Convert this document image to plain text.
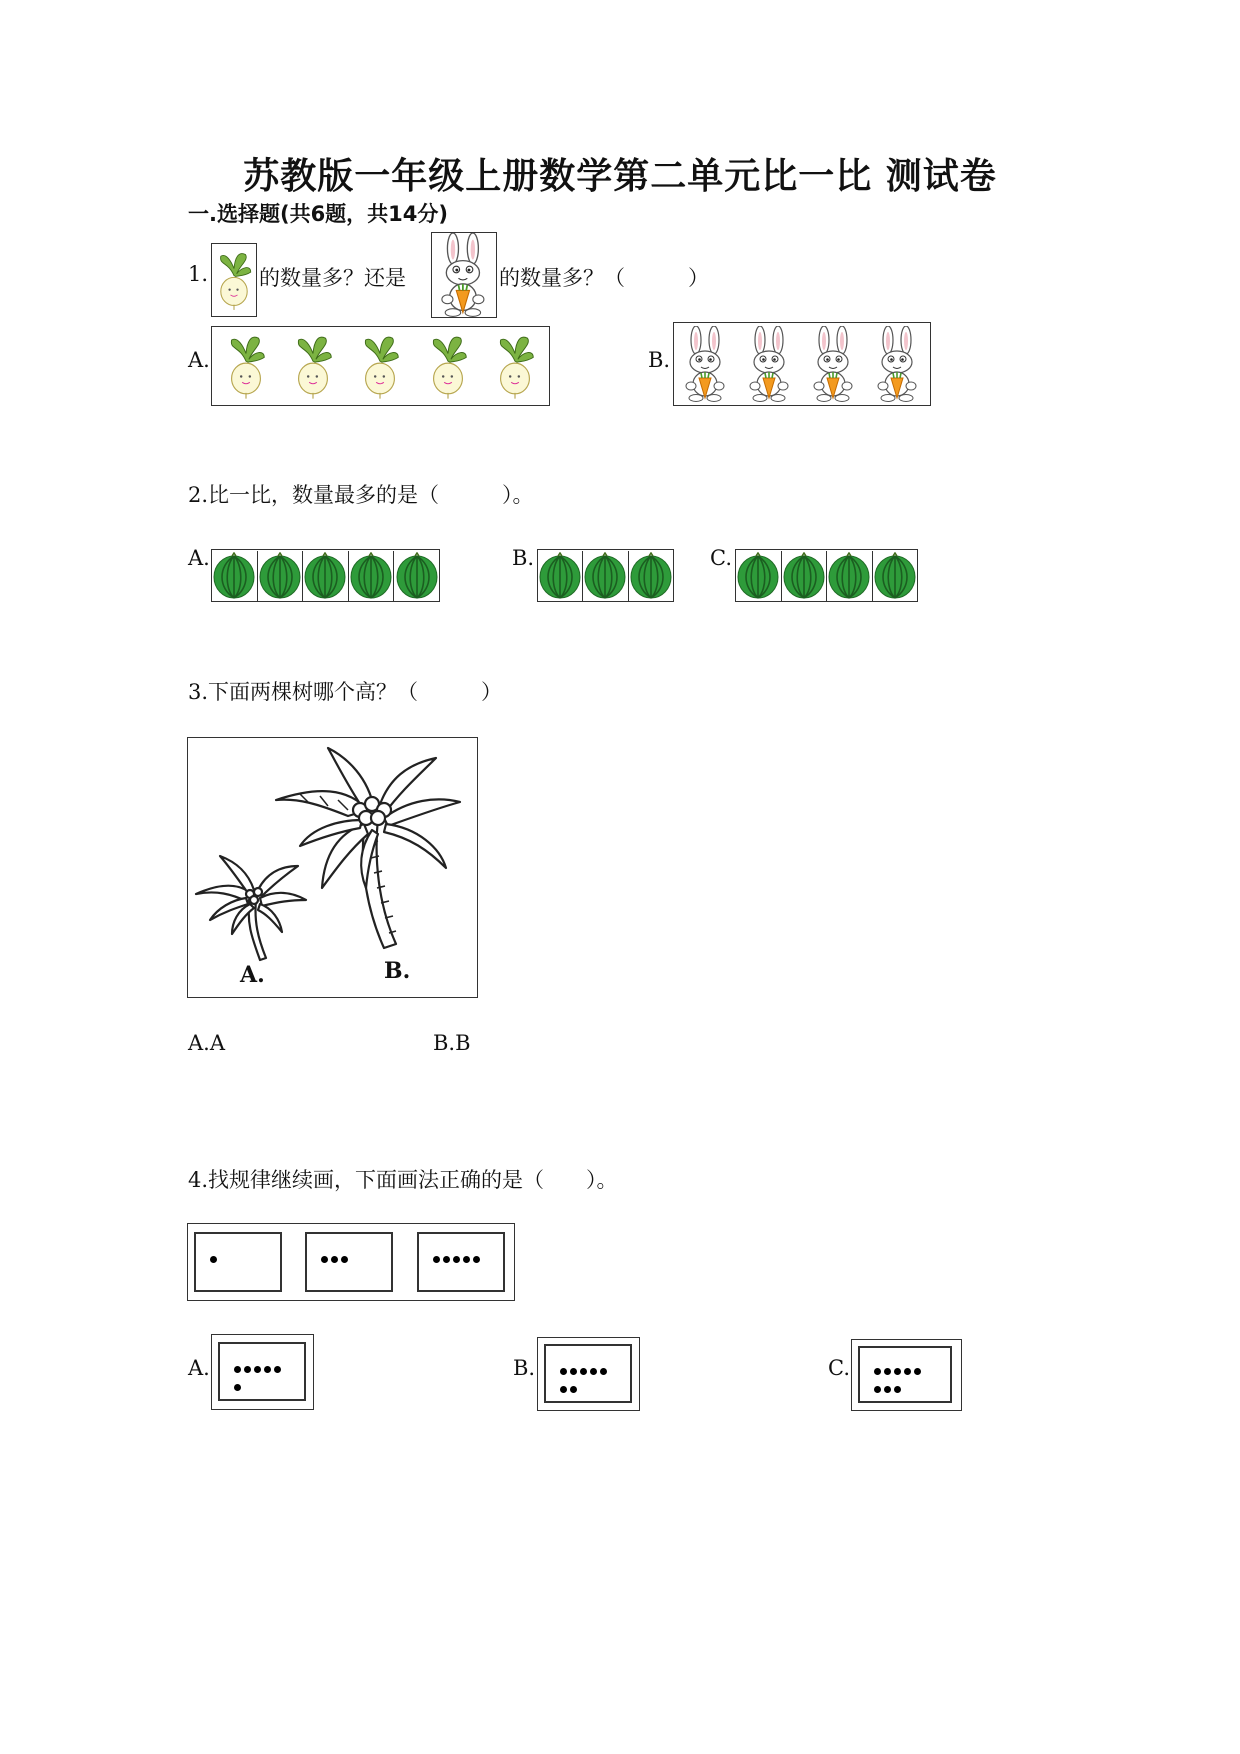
苏教版一年级上册数学第二单元比一比 测试卷
一.选择题(共6题，共14分)
1. 的数量多？还是	的数量多？（　　　）
A.	B.
2.比一比，数量最多的是（　　　）。
A.	B.	C.
3.下面两棵树哪个高？（　　　）
A.	B.
A.A	B.B
4.找规律继续画，下面画法正确的是（　　）。
A.	B.	C.
